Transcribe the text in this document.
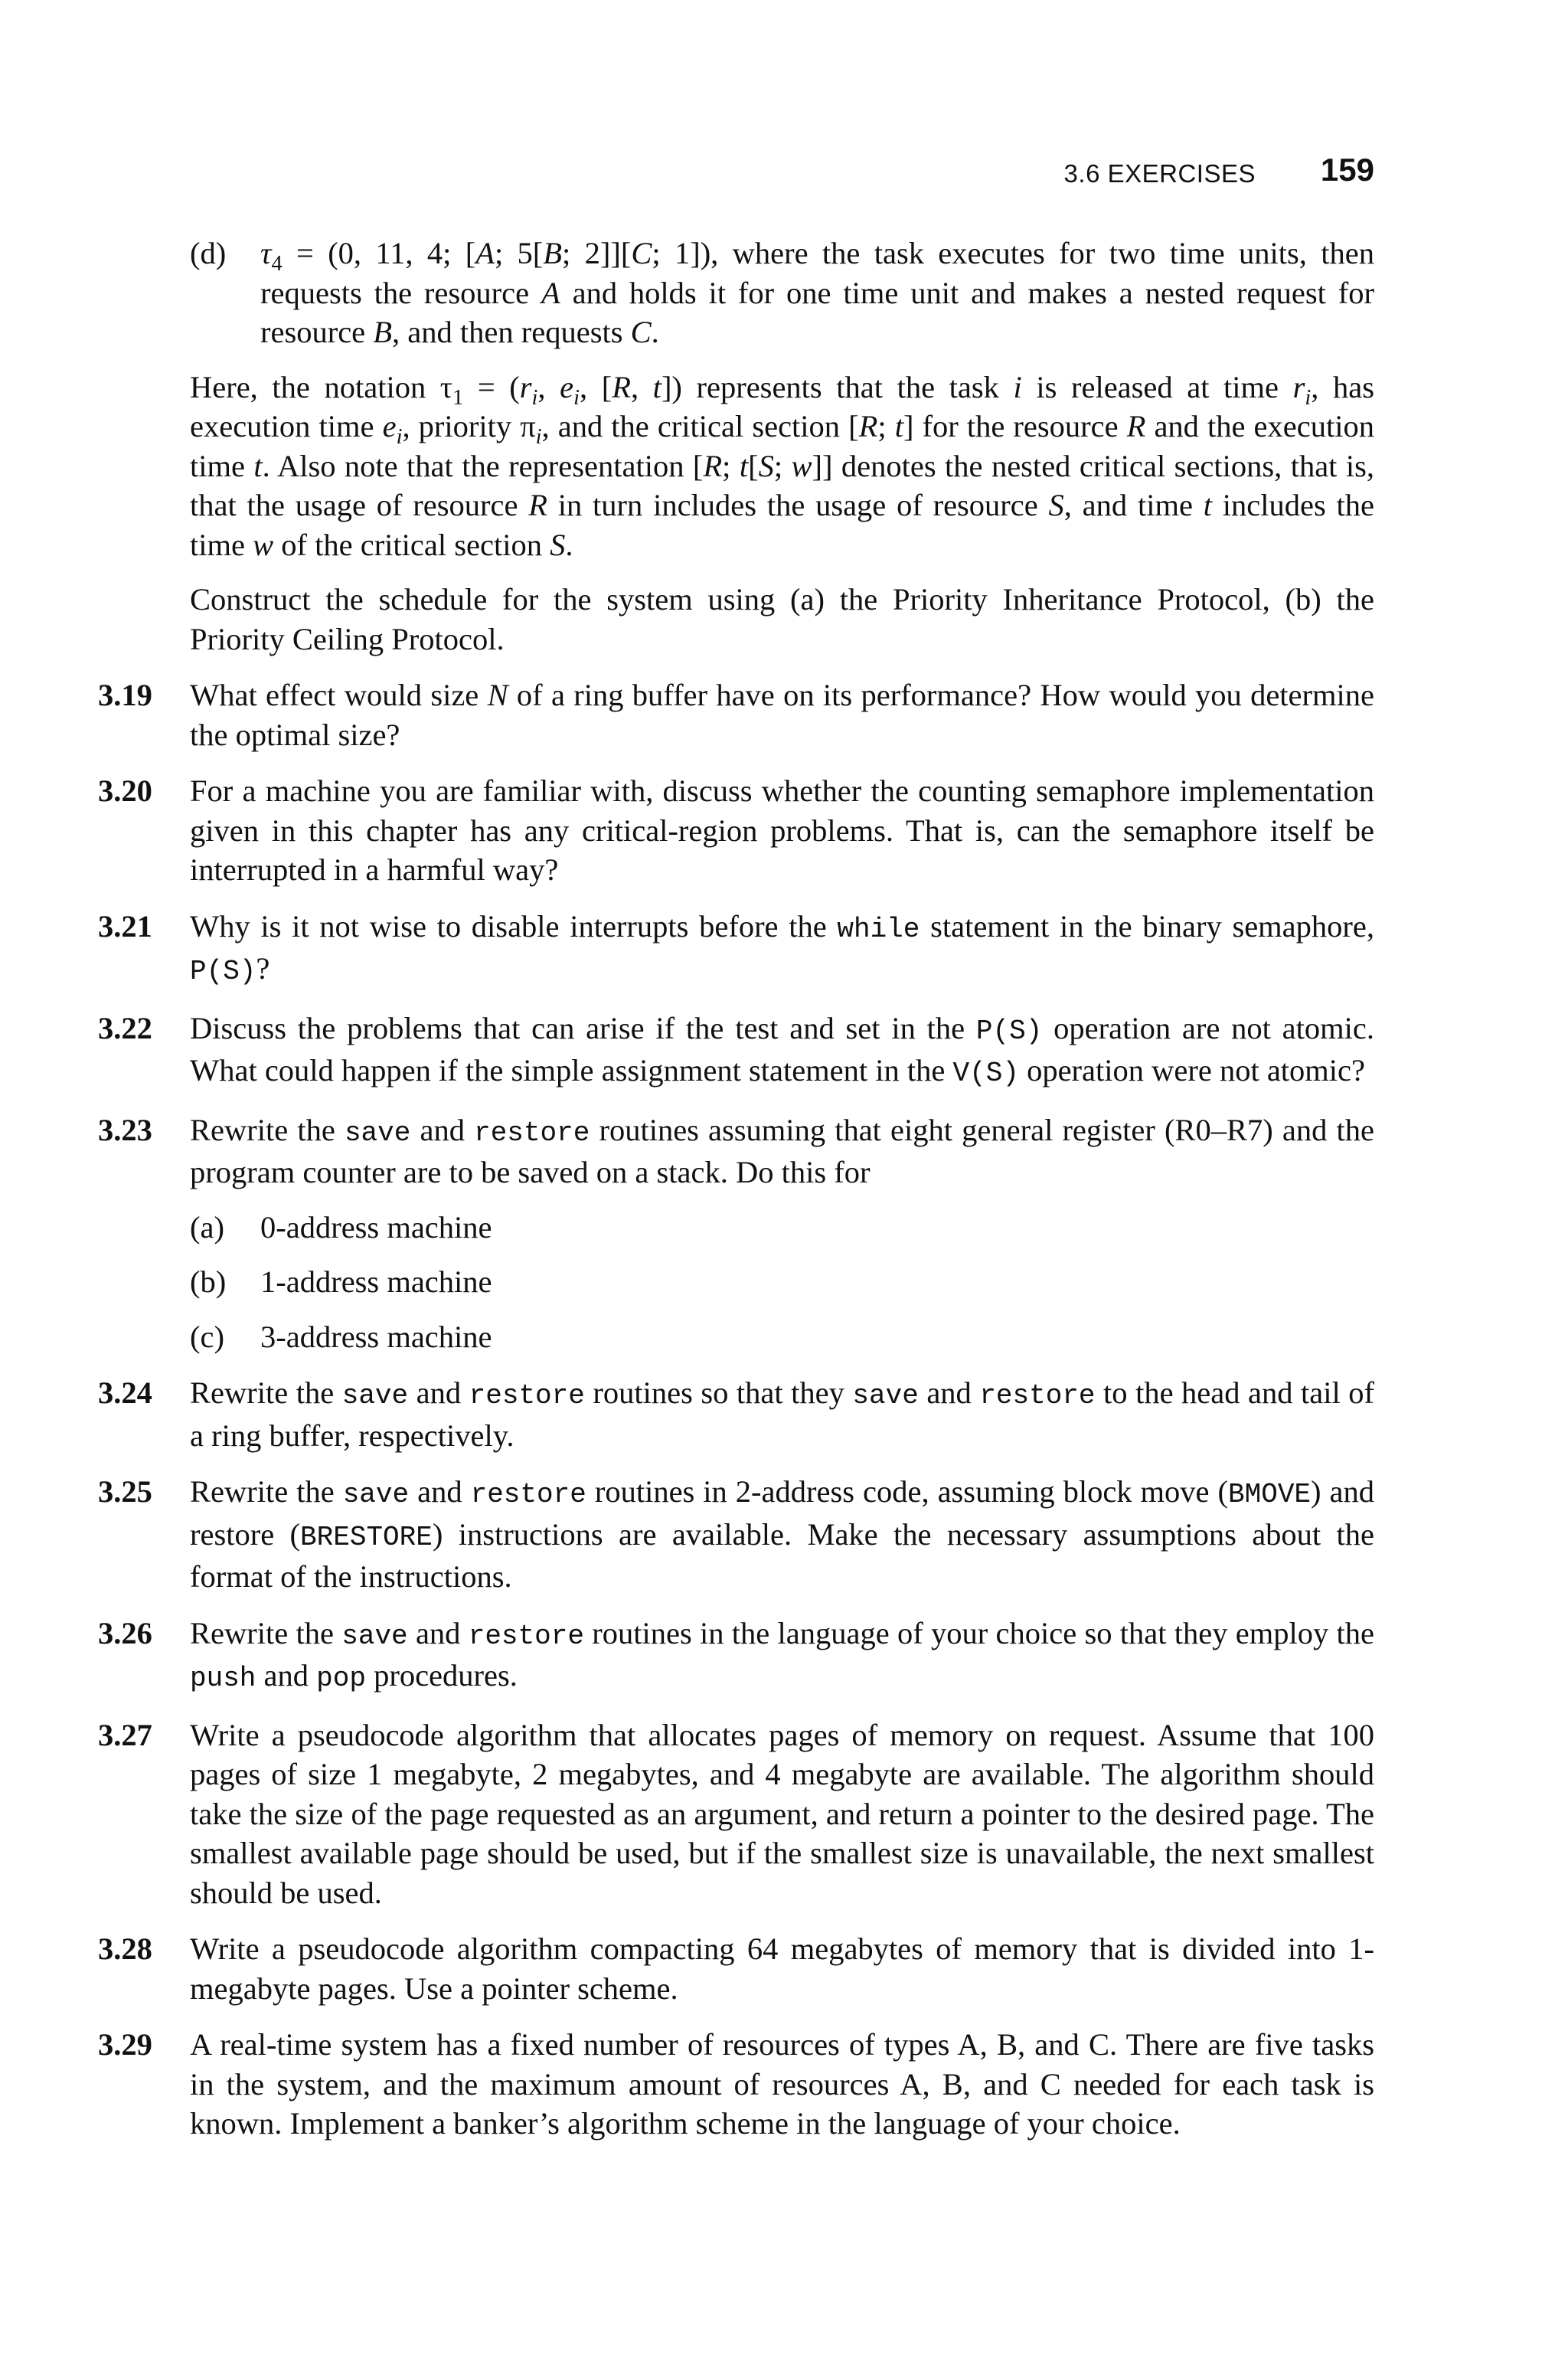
3.6 EXERCISES 159
(d)	$\tau_4 = (0$, 11, 4; [A; 5[B; 2]][C; 1]), where the task executes for two time units, then requests the resource A and holds it for one time unit and makes a nested request for resource B, and then requests C.

Here, the notation $\tau_1 = (r_i$, $e_i$, [R, t]) represents that the task i is released at time $r_i$, has execution time $e_i$, priority $\pi_i$, and the critical section [R; t] for the resource R and the execution time t. Also note that the representation [R; t[S; w]] denotes the nested critical sections, that is, that the usage of resource R in turn includes the usage of resource S, and time t includes the time w of the critical section S.

Construct the schedule for the system using (a) the Priority Inheritance Protocol, (b) the Priority Ceiling Protocol.

3.19	What effect would size N of a ring buffer have on its performance? How would you determine the optimal size?
3.20	For a machine you are familiar with, discuss whether the counting semaphore implementation given in this chapter has any critical-region problems. That is, can the semaphore itself be interrupted in a harmful way?
3.21	Why is it not wise to disable interrupts before the while statement in the binary semaphore, P(S)?
3.22	Discuss the problems that can arise if the test and set in the P(S) operation are not atomic. What could happen if the simple assignment statement in the V(S) operation were not atomic?
3.23	Rewrite the save and restore routines assuming that eight general register (R0–R7) and the program counter are to be saved on a stack. Do this for
(a)	0-address machine
(b)	1-address machine
(c)	3-address machine
3.24	Rewrite the save and restore routines so that they save and restore to the head and tail of a ring buffer, respectively.
3.25	Rewrite the save and restore routines in 2-address code, assuming block move (BMOVE) and restore (BRESTORE) instructions are available. Make the necessary assumptions about the format of the instructions.
3.26	Rewrite the save and restore routines in the language of your choice so that they employ the push and pop procedures.
3.27	Write a pseudocode algorithm that allocates pages of memory on request. Assume that 100 pages of size 1 megabyte, 2 megabytes, and 4 megabyte are available. The algorithm should take the size of the page requested as an argument, and return a pointer to the desired page. The smallest available page should be used, but if the smallest size is unavailable, the next smallest should be used.
3.28	Write a pseudocode algorithm compacting 64 megabytes of memory that is divided into 1-megabyte pages. Use a pointer scheme.
3.29	A real-time system has a fixed number of resources of types A, B, and C. There are five tasks in the system, and the maximum amount of resources A, B, and C needed for each task is known. Implement a banker’s algorithm scheme in the language of your choice.
